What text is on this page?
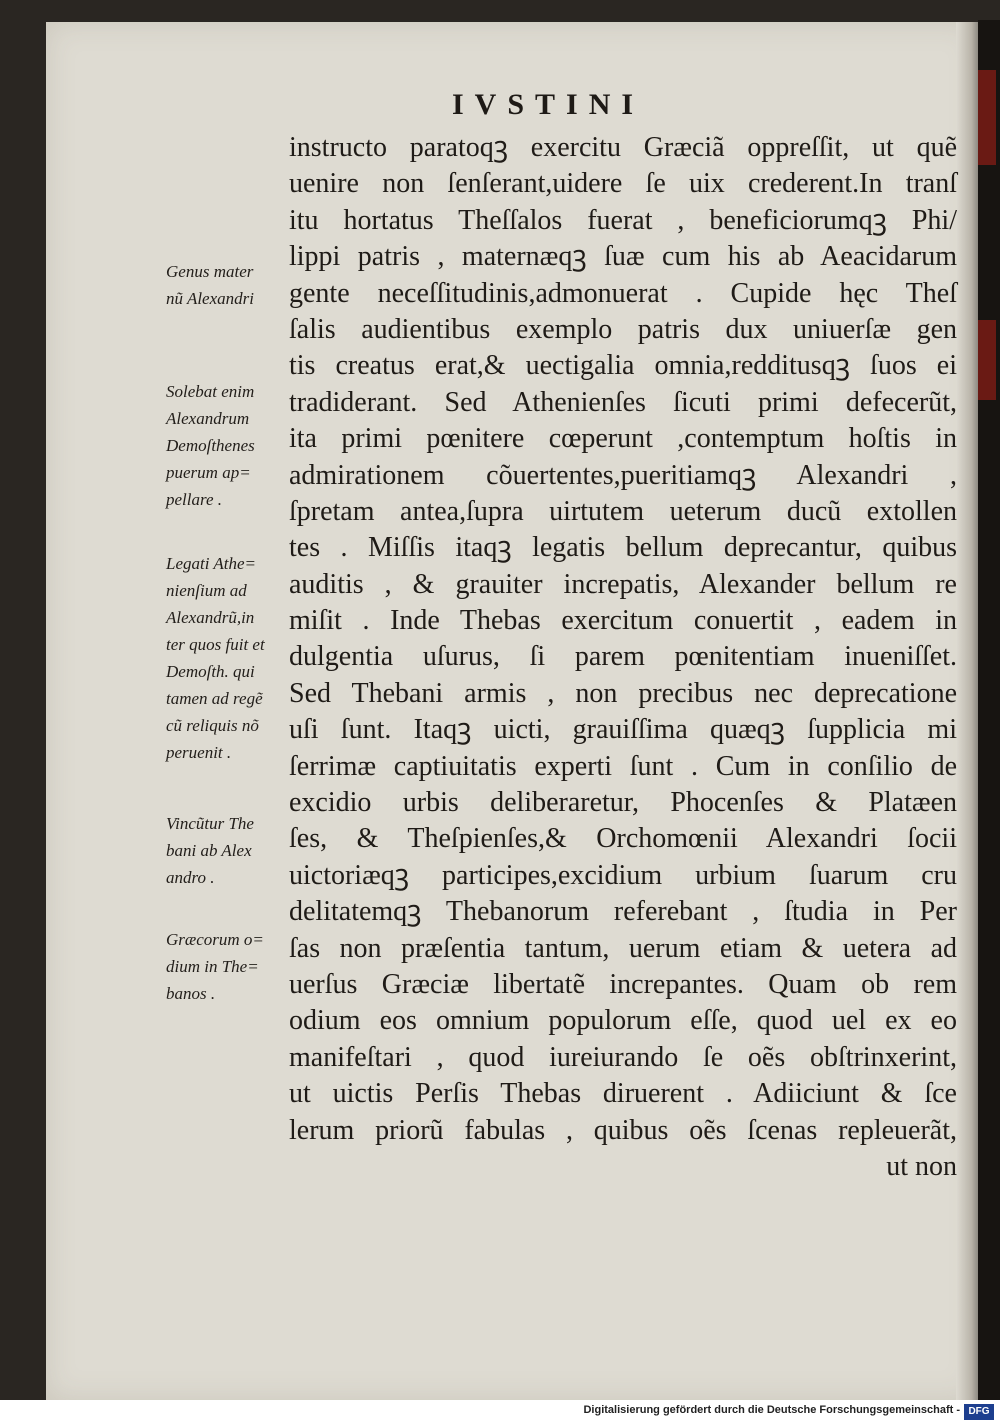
IVSTINI
instructo paratoqꝫ exercitu Græciã oppreſſit, ut quẽ
uenire non ſenſerant,uidere ſe uix crederent.In tranſ
itu hortatus Theſſalos fuerat , beneficiorumqꝫ Phi/
lippi patris , maternæqꝫ ſuæ cum his ab Aeacidarum
gente neceſſitudinis,admonuerat . Cupide hęc Theſ
ſalis audientibus exemplo patris dux uniuerſæ gen
tis creatus erat,& uectigalia omnia,redditusqꝫ ſuos ei
tradiderant. Sed Athenienſes ſicuti primi defecerũt,
ita primi pœnitere cœperunt ,contemptum hoſtis in
admirationem cõuertentes,pueritiamqꝫ Alexandri ,
ſpretam antea,ſupra uirtutem ueterum ducũ extollen
tes . Miſſis itaqꝫ legatis bellum deprecantur, quibus
auditis , & grauiter increpatis, Alexander bellum re
miſit . Inde Thebas exercitum conuertit , eadem in
dulgentia uſurus, ſi parem pœnitentiam inueniſſet.
Sed Thebani armis , non precibus nec deprecatione
uſi ſunt. Itaqꝫ uicti, grauiſſima quæqꝫ ſupplicia mi
ſerrimæ captiuitatis experti ſunt . Cum in conſilio de
excidio urbis deliberaretur, Phocenſes & Platæen
ſes, & Theſpienſes,& Orchomœnii Alexandri ſocii
uictoriæqꝫ participes,excidium urbium ſuarum cru
delitatemqꝫ Thebanorum referebant , ſtudia in Per
ſas non præſentia tantum, uerum etiam & uetera ad
uerſus Græciæ libertatẽ increpantes. Quam ob rem
odium eos omnium populorum eſſe, quod uel ex eo
manifeſtari , quod iureiurando ſe oẽs obſtrinxerint,
ut uictis Perſis Thebas diruerent . Adiiciunt & ſce
lerum priorũ fabulas , quibus oẽs ſcenas repleuerãt,
ut non
Genus mater
nũ Alexandri
Solebat enim
Alexandrum
Demoſthenes
puerum ap=
pellare .
Legati Athe=
nienſium ad
Alexandrũ,in
ter quos fuit et
Demoſth. qui
tamen ad regẽ
cũ reliquis nõ
peruenit .
Vincũtur The
bani ab Alex
andro .
Græcorum o=
dium in The=
banos .
Digitalisierung gefördert durch die Deutsche Forschungsgemeinschaft - DFG
